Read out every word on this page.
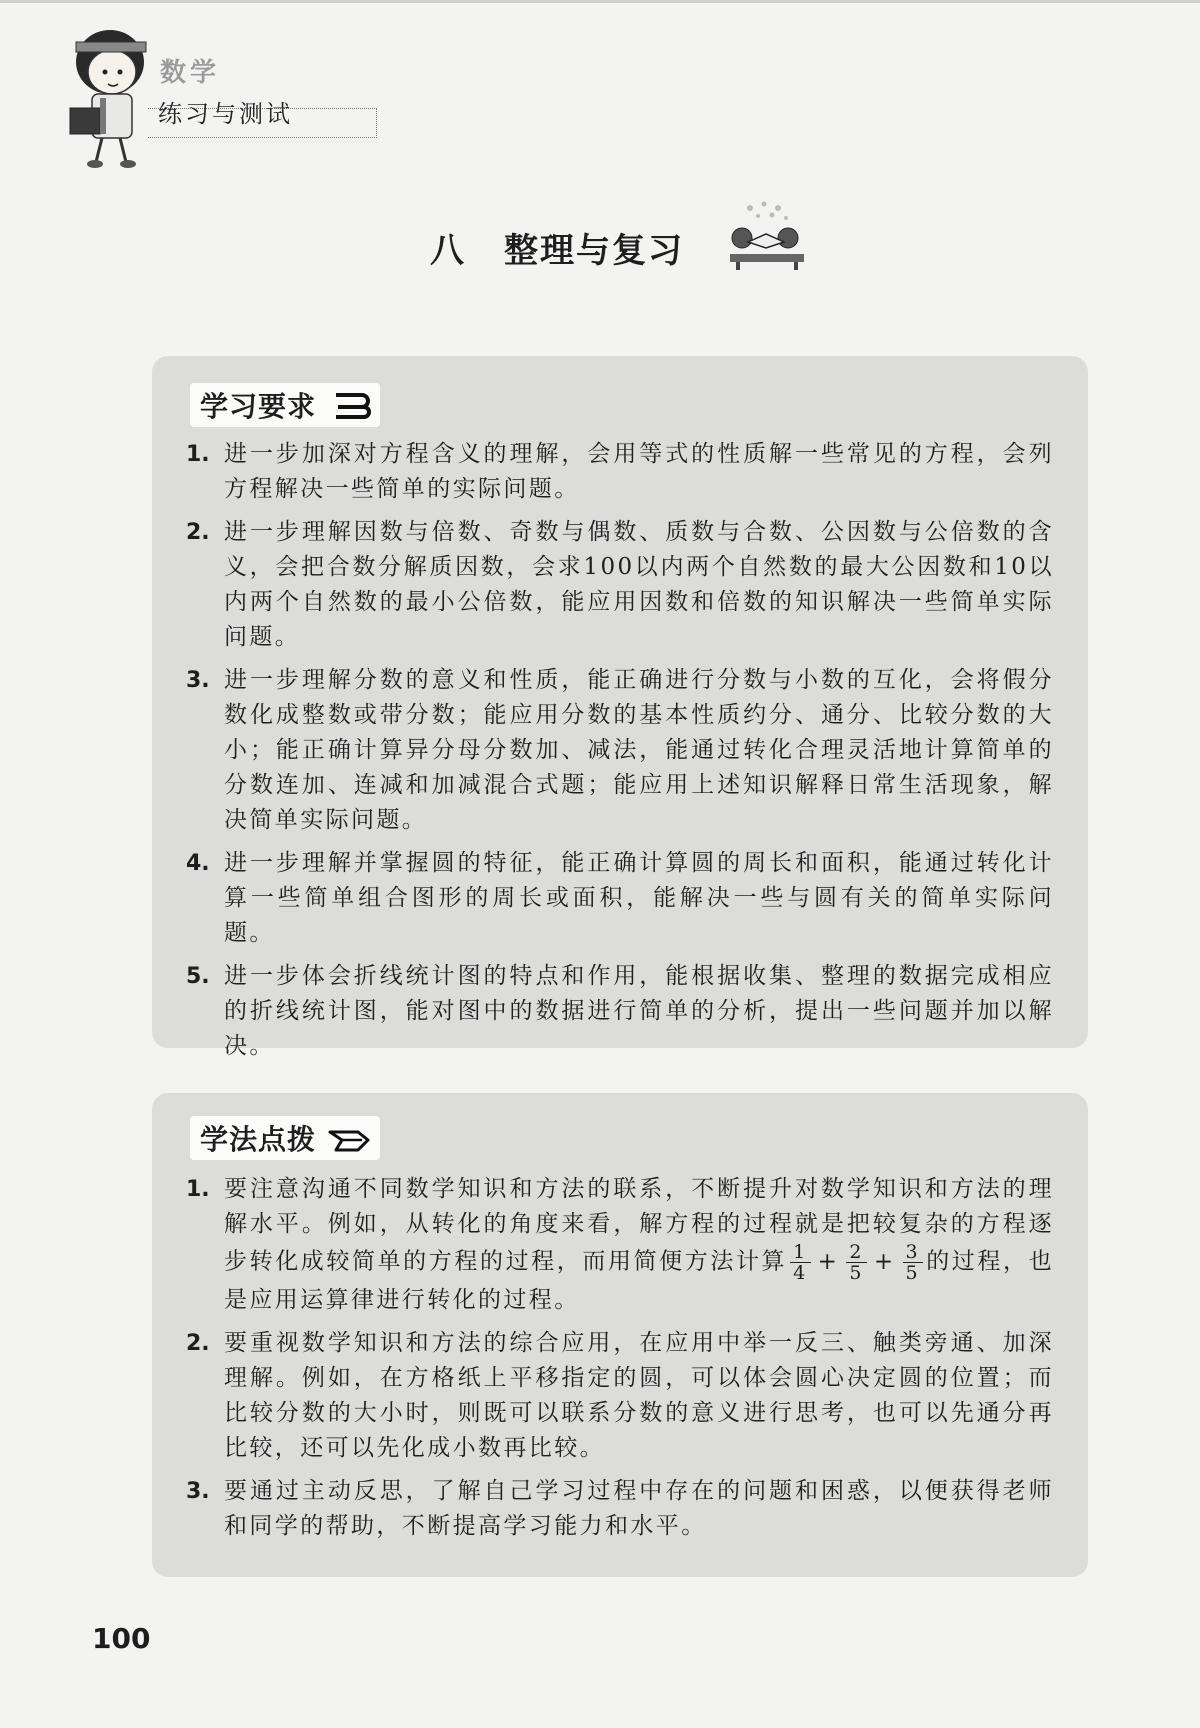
数学
练习与测试
八 整理与复习
学习要求
1. 进一步加深对方程含义的理解，会用等式的性质解一些常见的方程，会列方程解决一些简单的实际问题。
2. 进一步理解因数与倍数、奇数与偶数、质数与合数、公因数与公倍数的含义，会把合数分解质因数，会求100以内两个自然数的最大公因数和10以内两个自然数的最小公倍数，能应用因数和倍数的知识解决一些简单实际问题。
3. 进一步理解分数的意义和性质，能正确进行分数与小数的互化，会将假分数化成整数或带分数；能应用分数的基本性质约分、通分、比较分数的大小；能正确计算异分母分数加、减法，能通过转化合理灵活地计算简单的分数连加、连减和加减混合式题；能应用上述知识解释日常生活现象，解决简单实际问题。
4. 进一步理解并掌握圆的特征，能正确计算圆的周长和面积，能通过转化计算一些简单组合图形的周长或面积，能解决一些与圆有关的简单实际问题。
5. 进一步体会折线统计图的特点和作用，能根据收集、整理的数据完成相应的折线统计图，能对图中的数据进行简单的分析，提出一些问题并加以解决。
学法点拨
1. 要注意沟通不同数学知识和方法的联系，不断提升对数学知识和方法的理解水平。例如，从转化的角度来看，解方程的过程就是把较复杂的方程逐步转化成较简单的方程的过程，而用简便方法计算 $\frac{1}{4} + \frac{2}{5} + \frac{3}{5}$ 的过程，也是应用运算律进行转化的过程。
2. 要重视数学知识和方法的综合应用，在应用中举一反三、触类旁通、加深理解。例如，在方格纸上平移指定的圆，可以体会圆心决定圆的位置；而比较分数的大小时，则既可以联系分数的意义进行思考，也可以先通分再比较，还可以先化成小数再比较。
3. 要通过主动反思，了解自己学习过程中存在的问题和困惑，以便获得老师和同学的帮助，不断提高学习能力和水平。
100
